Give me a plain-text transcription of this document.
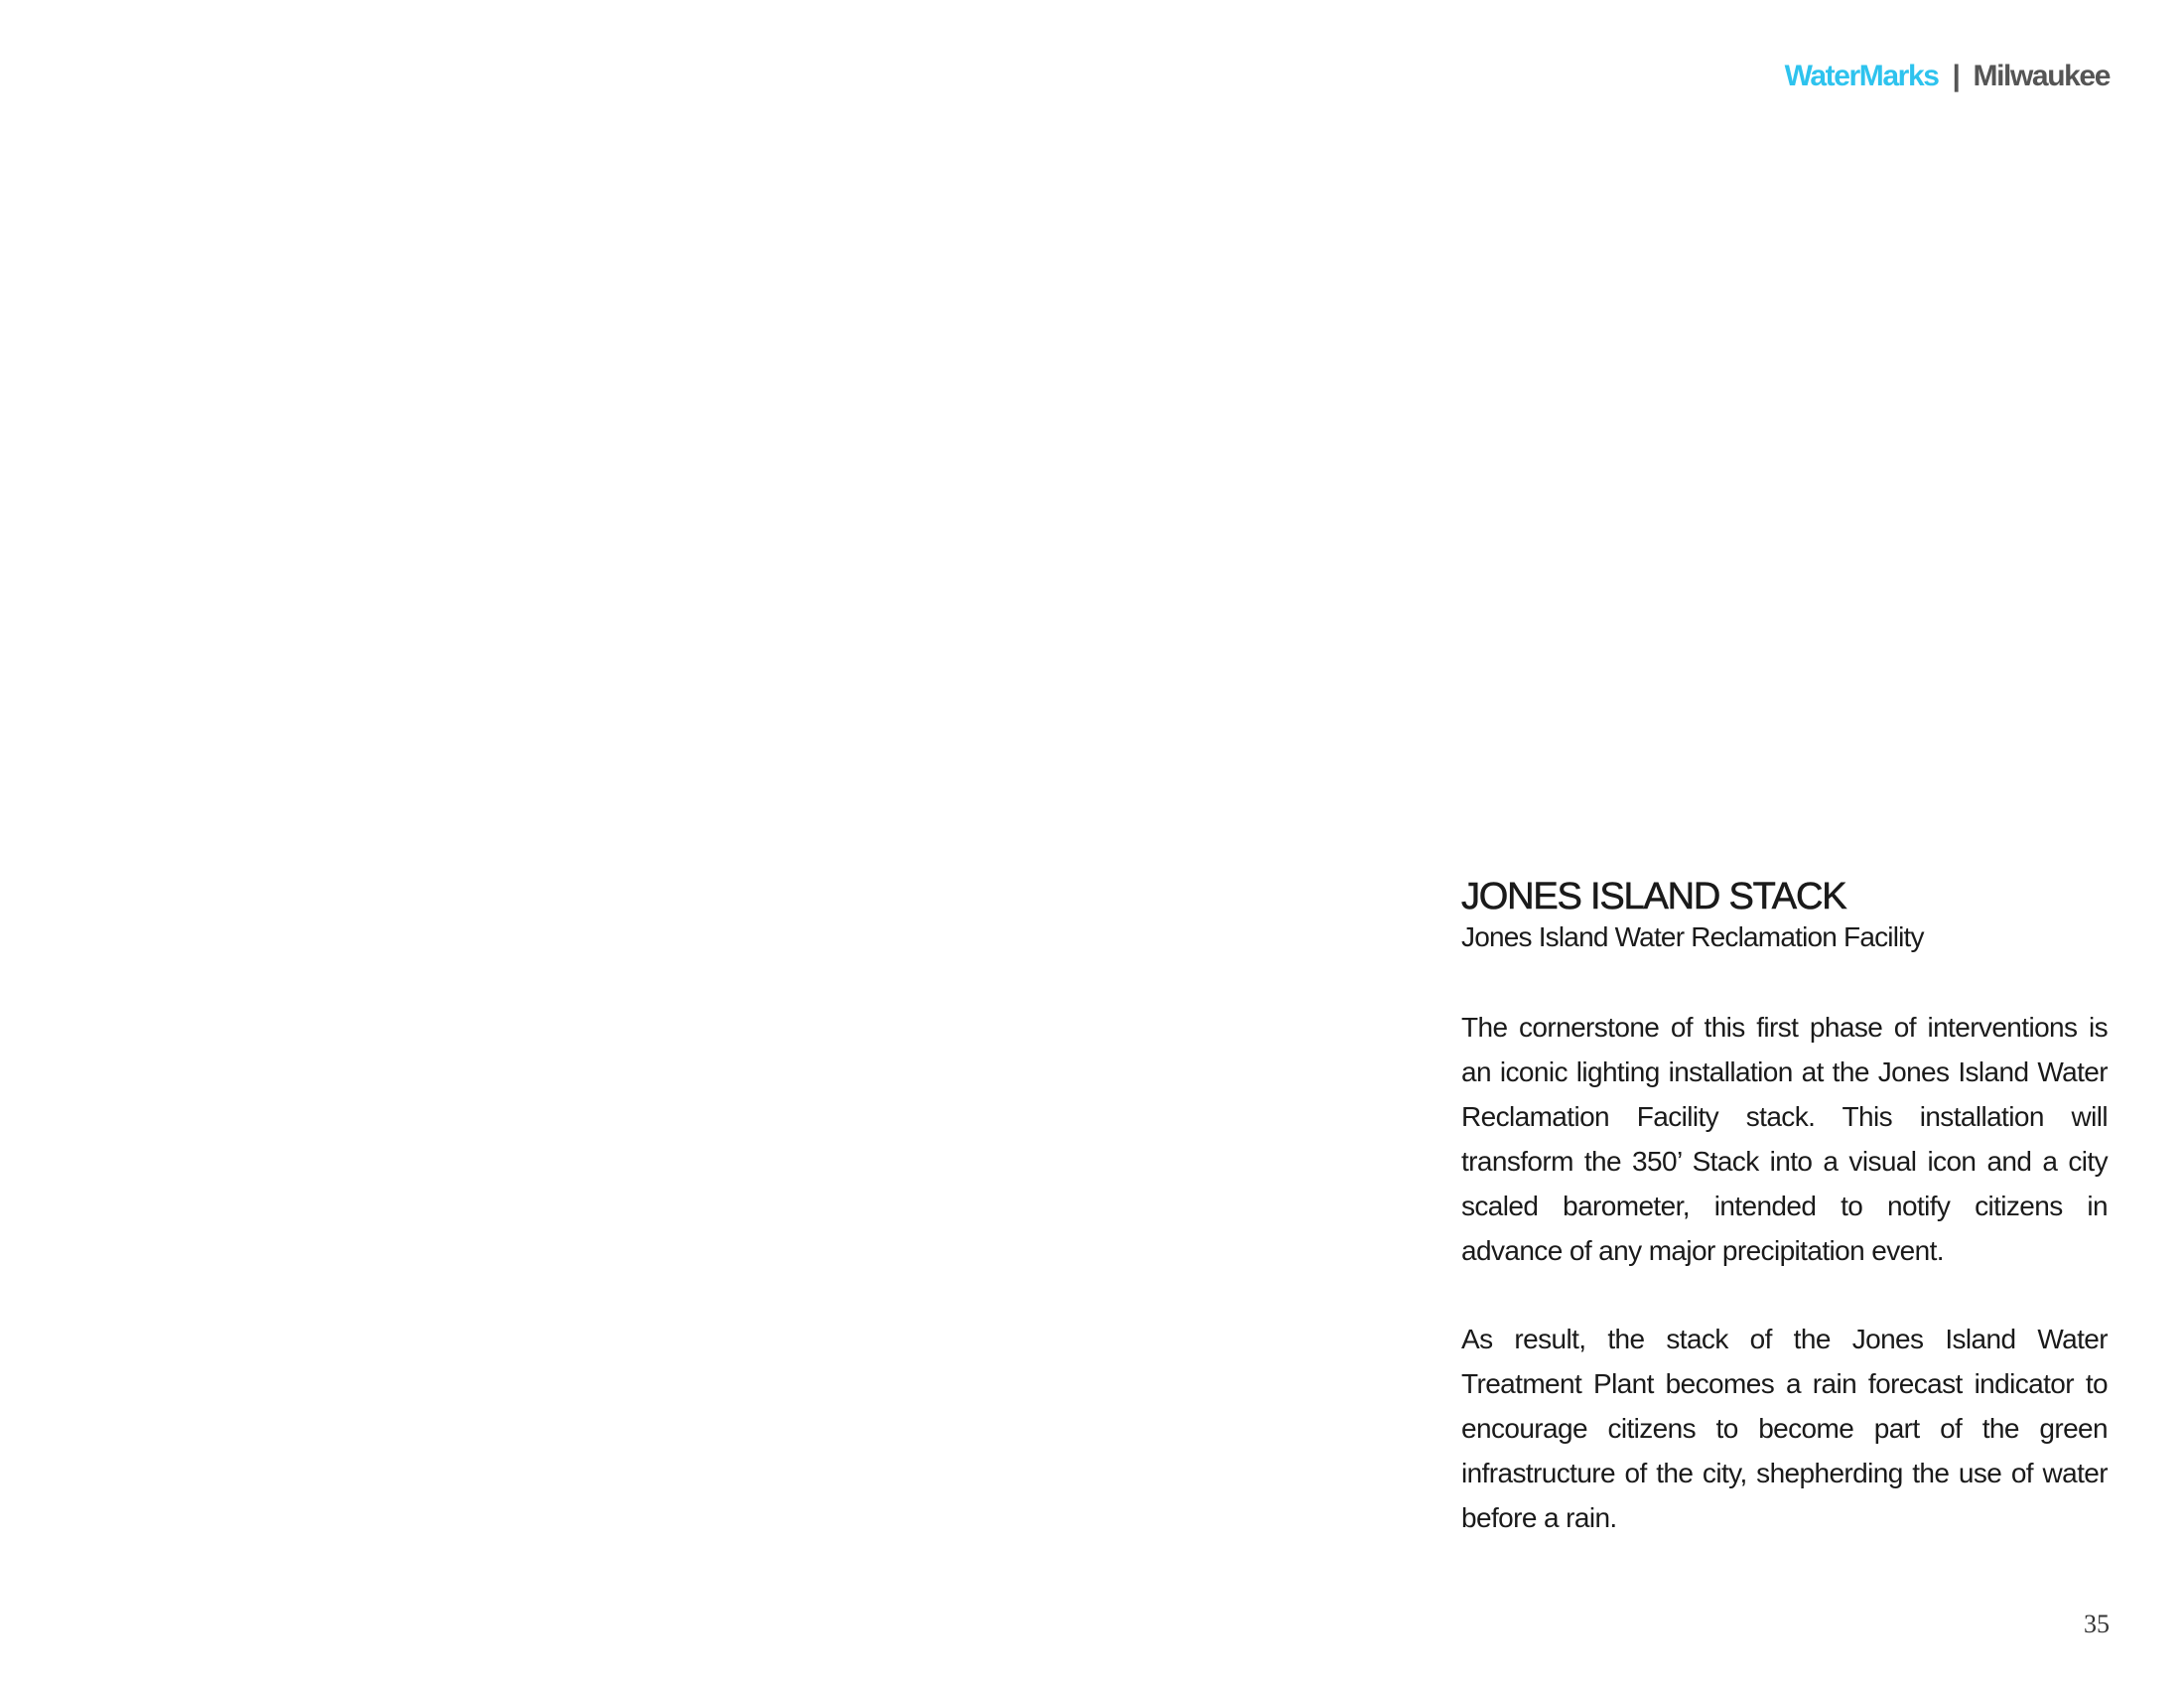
WaterMarks | Milwaukee
JONES ISLAND STACK

Jones Island Water Reclamation Facility

The cornerstone of this first phase of interventions is an iconic lighting installation at the Jones Island Water Reclamation Facility stack. This installation will transform the 350’ Stack into a visual icon and a city scaled barometer, intended to notify citizens in advance of any major precipitation event.

As result, the stack of the Jones Island Water Treatment Plant becomes a rain forecast indicator to encourage citizens to become part of the green infrastructure of the city, shepherding the use of water before a rain.

35
